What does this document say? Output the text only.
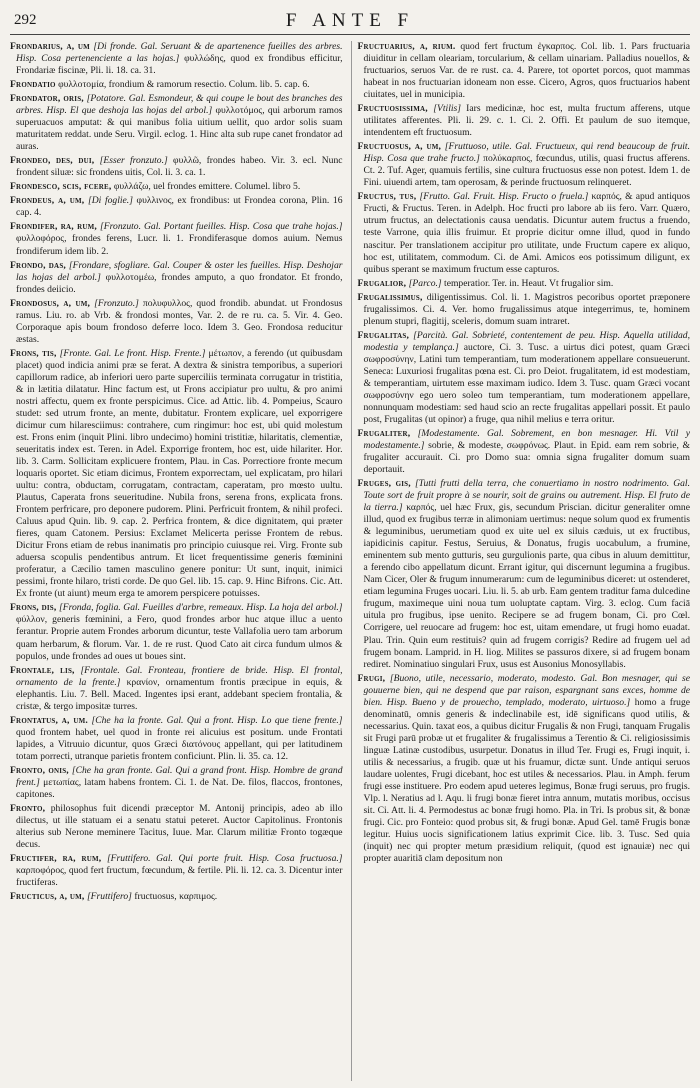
292	F ANTE F

Frondarius, a, um [Di fronde. Gal. Seruant & de apartenence fueilles des arbres. Hisp. Cosa pertenenciente a las hojas.] φυλλώδης, quod ex frondibus efficitur, Frondariæ fiscinæ, Pli. li. 18. ca. 31.

Frondatio φυλλοτομία, frondium & ramorum resectio. Colum. lib. 5. cap. 6.

Frondator, oris, [Potatore. Gal. Esmondeur, & qui coupe le bout des branches des arbres. Hisp. El que deshoja las hojas del arbol.] φυλλοτόμος, qui arborum ramos superuacuos amputat: & qui manibus folia uitium uellit, quo ardor solis suam maturitatem reddat. unde Seru. Virgil. eclog. 1. Hinc alta sub rupe canet frondator ad auras.

Frondeo, des, dui, [Esser fronzuto.] φυλλῶ, frondes habeo. Vir. 3. ecl. Nunc frondent siluæ: sic frondens uitis, Col. li. 3. ca. 1.

Frondesco, scis, fcere, φυλλάζω, uel frondes emittere. Columel. libro 5.

Frondeus, a, um, [Di foglie.] φυλλινος, ex frondibus: ut Frondea corona, Plin. 16 cap. 4.

Frondifer, ra, rum, [Fronzuto. Gal. Portant fueilles. Hisp. Cosa que trahe hojas.] φυλλοφόρος, frondes ferens, Lucr. li. 1. Frondiferasque domos auium. Nemus frondiferum idem lib. 2.

Frondo, das, [Frondare, sfogliare. Gal. Couper & oster les fueilles. Hisp. Deshojar las hojas del arbol.] φυλλοτομέω, frondes amputo, a quo frondator. Et frondo, frondes deiicio.

Frondosus, a, um, [Fronzuto.] πολυφυλλος, quod frondib. abundat. ut Frondosus ramus. Liu. ro. ab Vrb. & frondosi montes, Var. 2. de re ru. ca. 5. Vir. 4. Geo. Corporaque apis boum frondoso deferre loco. Idem 3. Geo. Frondosa reducitur æstas.

Frons, tis, [Fronte. Gal. Le front. Hisp. Frente.] μέτωπον, a ferendo (ut quibusdam placet) quod indicia animi præ se ferat. A dextra & sinistra temporibus, a superiori capillorum radice, ab inferiori uero parte superciliis terminata corrugatur in tristitia, & in lætitia dilatatur. Hinc factum est, ut Frons accipiatur pro uultu, & pro animi nostri affectu, quem ex fronte perspicimus. Cice. ad Attic. lib. 4. Pompeius, Scauro studet: sed utrum fronte, an mente, dubitatur. Frontem explicare, uel exporrigere dicimur cum hilaresciimus: contrahere, cum ringimur: hoc est, ubi quid molestum est. Frons enim (inquit Plini. libro undecimo) homini tristitiæ, hilaritatis, clementiæ, seueritatis index est. Teren. in Adel. Exporrige frontem, hoc est, uide hilariter. Hor. lib. 3. Carm. Sollicitam explicuere frontem, Plau. in Cas. Porrectiore fronte mecum loquaris oportet. Sic etiam dicimus, Frontem exporrectam, uel explicatam, pro hilari uultu: contra, obductam, corrugatam, contractam, caperatam, pro mœsto uultu. Plautus, Caperata frons seueritudine. Nubila frons, serena frons, explicata frons. Frontem perfricare, pro deponere pudorem. Plini. Perfricuit frontem, & nihil profeci. Caluus apud Quin. lib. 9. cap. 2. Perfrica frontem, & dice dignitatem, qui præter fieres, quam Catonem. Persius: Exclamet Melicerta perisse Frontem de rebus. Dicitur Frons etiam de rebus inanimatis pro principio cuiusque rei. Virg. Fronte sub aduersa scopulis pendentibus antrum. Et licet frequentissime generis fœminini proferatur, a Cæcilio tamen masculino genere ponitur: Ut sunt, inquit, inimici pessimi, fronte hilaro, tristi corde. De quo Gel. lib. 15. cap. 9. Hinc Bifrons. Cic. Att. Ex fronte (ut aiunt) meum erga te amorem perspicere potuisses.

Frons, dis, [Fronda, foglia. Gal. Fueilles d'arbre, remeaux. Hisp. La hoja del arbol.] φύλλον, generis fœminini, a Fero, quod frondes arbor huc atque illuc a uento ferantur. Proprie autem Frondes arborum dicuntur, teste Vallafolia uero tam arborum quam herbarum, & florum. Var. 1. de re rust. Quod Cato ait circa fundum ulmos & populos, unde frondes ad oues ut boues sint.

Frontale, lis, [Frontale. Gal. Fronteau, frontiere de bride. Hisp. El frontal, ornamento de la frente.] κρανίον, ornamentum frontis præcipue in equis, & elephantis. Liu. 7. Bell. Maced. Ingentes ipsi erant, addebant speciem frontalia, & cristæ, & tergo impositæ turres.

Frontatus, a, um. [Che ha la fronte. Gal. Qui a front. Hisp. Lo que tiene frente.] quod frontem habet, uel quod in fronte rei alicuius est positum. unde Frontati lapides, a Vitruuio dicuntur, quos Græci διατόνους appellant, qui per latitudinem totam porrecti, utranque parietis frontem conficiunt. Plin. li. 35. ca. 12.

Fronto, onis, [Che ha gran fronte. Gal. Qui a grand front. Hisp. Hombre de grand frent.] μετωπίας, latam habens frontem. Ci. 1. de Nat. De. filos, flaccos, frontones, capitones.

Fronto, philosophus fuit dicendi præceptor M. Antonij principis, adeo ab illo dilectus, ut ille statuam ei a senatu statui peteret. Auctor Capitolinus. Frontonis alterius sub Nerone meminere Tacitus, Iuue. Mar. Clarum militiæ Fronto togæque decus.

Fructifer, ra, rum, [Fruttifero. Gal. Qui porte fruit. Hisp. Cosa fructuosa.] καρποφόρος, quod fert fructum, fœcundum, & fertile. Pli. li. 12. ca. 3. Dicentur inter fructiferas.

Fructicus, a, um, [Fruttifero] fructuosus, καρπιμος.

Fructuarius, a, rium. quod fert fructum ἐγκαρπος. Col. lib. 1. Pars fructuaria diuiditur in cellam oleariam, torcularium, & cellam uinariam. Palladius nouellos, & fructuarios, seruos Var. de re rust. ca. 4. Parere, tot oportet porcos, quot mammas habeat in nos fructuarian idoneam non esse. Cicero, Agros, quos fructuarios habent ciuitates, uel in municipia.

Fructuosissima, [Vtilis] Iars medicinæ, hoc est, multa fructum afferens, utque utilitates afferentes. Pli. li. 29. c. 1. Ci. 2. Offi. Et paulum de suo itemque, intendentem eft fructuosum.

Fructuosus, a, um, [Fruttuoso, utile. Gal. Fructueux, qui rend beaucoup de fruit. Hisp. Cosa que trahe fructo.] πολύκαρπος, fœcundus, utilis, quasi fructus afferens. Ct. 2. Tuf. Ager, quamuis fertilis, sine cultura fructuosus esse non potest. Idem 1. de Fini. uiuendi artem, tam operosam, & perinde fructuosum relinqueret.

Fructus, tus, [Frutto. Gal. Fruit. Hisp. Fructo o fruela.] καρπός, & apud antiquos Fructi, & Fructus. Teren. in Adelph. Hoc fructi pro labore ab iis fero. Varr. Quæro, utrum fructus, an delectationis causa uendatis. Dicuntur autem fructus a fruendo, teste Varrone, quia illis fruimur. Et proprie dicitur omne illud, quod in fundo nascitur. Per translationem accipitur pro utilitate, unde Fructum capere ex aliquo, hoc est, utilitatem, commodum. Ci. de Ami. Amicos eos potissimum diligunt, ex quibus sperant se maximum fructum esse capturos.

Frugalior, [Parco.] temperatior. Ter. in. Heaut. Vt frugalior sim.

Frugalissimus, diligentissimus. Col. li. 1. Magistros pecoribus oportet præponere frugalissimos. Ci. 4. Ver. homo frugalissimus atque integerrimus, te, hominem plenum stupri, flagitij, sceleris, domum suam intraret.

Frugalitas, [Parcità. Gal. Sobrieté, contentement de peu. Hisp. Aquella utilidad, modestia y templança.] auctore, Ci. 3. Tusc. a uirtus dici potest, quam Græci σωφροσύνην, Latini tum temperantiam, tum moderationem appellare consueuerunt. Seneca: Luxuriosi frugalitas pœna est. Ci. pro Deiot. frugalitatem, id est modestiam, & temperantiam, uirtutem esse maximam iudico. Idem 3. Tusc. quam Græci vocant σωφροσύνην ego uero soleo tum temperantiam, tum moderationem appellare, nonnunquam modestiam: sed haud scio an recte frugalitas appellari possit. Et paulo post, Frugalitas (ut opinor) a fruge, qua nihil melius e terra oritur.

Frugaliter, [Modestamente. Gal. Sobrement, en bon mesnager. Hi. Vtil y modestamente.] sobrie, & modeste, σωφρόνως. Plaut. in Epid. eam rem sobrie, & frugaliter accurauit. Ci. pro Domo sua: omnia signa frugaliter domum suam deportauit.

Fruges, gis, [Tutti frutti della terra, che conuertiamo in nostro nodrimento. Gal. Toute sort de fruit propre à se nourir, soit de grains ou autrement. Hisp. El fruto de la tierra.] καρπός, uel hæc Frux, gis, secundum Priscian. dicitur generaliter omne illud, quod ex frugibus terræ in alimoniam uertimus: neque solum quod ex frumentis & leguminibus, uerumetiam quod ex uite uel ex siluis cæduis, ut ex fructibus, iapidicinis capitur. Festus, Seruius, & Donatus, frugis uocabulum, a frumine, eminentem sub mento gutturis, seu gurgulionis parte, qua cibus in aluum demittitur, a ferendo cibo appellatum dicunt. Errant igitur, qui discernunt legumina a frugibus. Nam Cicer, Oler & frugum innumerarum: cum de leguminibus diceret: ut ostenderet, etiam legumina Fruges uocari. Liu. li. 5. ab urb. Eam gentem traditur fama dulcedine frugum, maximeque uini noua tum uoluptate captam. Virg. 3. eclog. Cum faciā uitula pro frugibus, ipse uenito. Recipere se ad frugem bonam, Ci. pro Cœl. Corrigere, uel reuocare ad frugem: hoc est, uitam emendare, ut frugi homo euadat. Plau. Trin. Quin eum restituis? quin ad frugem corrigis? Redire ad frugem uel ad frugem bonam. Lamprid. in H. liog. Milites se passuros dixere, si ad frugem bonam rediret. Nominatiuo singulari Frux, usus est Ausonius Monosyllabis.

Frugi, [Buono, utile, necessario, moderato, modesto. Gal. Bon mesnager, qui se gouuerne bien, qui ne despend que par raison, espargnant sans exces, homme de bien. Hisp. Bueno y de prouecho, templado, moderato, uirtuoso.] homo a fruge denominatū, omnis generis & indeclinabile est, idē significans quod utilis, & necessarius. Quin. taxat eos, a quibus dicitur Frugalis & non Frugi, tanquam Frugalis sit Frugi parū probæ ut et frugaliter & frugalissimus a Terentio & Ci. religiosissimis linguæ Latinæ custodibus, usurpetur. Donatus in illud Ter. Frugi es, Frugi inquit, i. utilis & necessarius, a frugib. quæ ut his fruamur, dictæ sunt. Unde antiqui seruos laudare uolentes, Frugi dicebant, hoc est utiles & necessarios. Plau. in Amph. ferum frugi esse instituere. Pro eodem apud ueteres legimus, Bonæ frugi seruus, pro frugis. Vlp. l. Neratius ad l. Aqu. li frugi bonæ fieret intra annum, mutatis moribus, occisus sit. Ci. Att. li. 4. Permodestus ac bonæ frugi homo. Pla. in Tri. Is probus sit, & bonæ frugi. Cic. pro Fonteio: quod probus sit, & frugi bonæ. Apud Gel. tamē Frugis bonæ legitur. Huius uocis significationem latius exprimit Cice. lib. 3. Tusc. Sed quia (inquit) nec qui propter metum præsidium reliquit, (quod est ignauiæ) nec qui propter auaritiā clam depositum non
